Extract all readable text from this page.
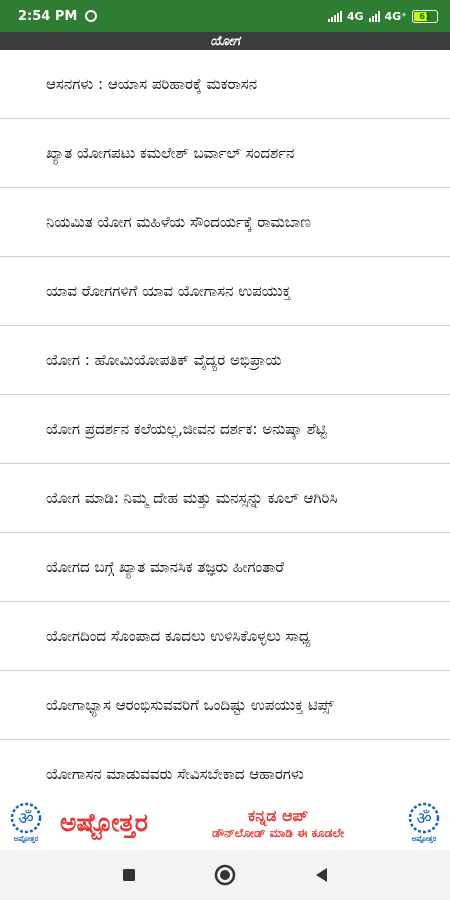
2:54 PM	4G 4G⁺ 61
ಯೋಗ
ಆಸನಗಳು : ಆಯಾಸ ಪರಿಹಾರಕ್ಕೆ ಮಕರಾಸನ
ಖ್ಯಾತ ಯೋಗಪಟು ಕಮಲೇಶ್ ಬರ್ವಾಲ್ ಸಂದರ್ಶನ
ನಿಯಮಿತ ಯೋಗ ಮಹಿಳೆಯ ಸೌಂದರ್ಯಕ್ಕೆ ರಾಮಬಾಣ
ಯಾವ ರೋಗಗಳಿಗೆ ಯಾವ ಯೋಗಾಸನ ಉಪಯುಕ್ತ
ಯೋಗ : ಹೋಮಿಯೋಪತಿಕ್ ವೈದ್ಯರ ಅಭಿಪ್ರಾಯ
ಯೋಗ ಪ್ರದರ್ಶನ ಕಲೆಯಲ್ಲ,ಜೀವನ ದರ್ಶಕ: ಅನುಷ್ಕಾ ಶೆಟ್ಟಿ
ಯೋಗ ಮಾಡಿ: ನಿಮ್ಮ ದೇಹ ಮತ್ತು ಮನಸ್ಸನ್ನು ಕೂಲ್ ಆಗಿರಿಸಿ
ಯೋಗದ ಬಗ್ಗೆ ಖ್ಯಾತ ಮಾನಸಿಕ ತಜ್ಞರು ಹೀಗಂತಾರೆ
ಯೋಗದಿಂದ ಸೊಂಪಾದ ಕೂದಲು ಉಳಿಸಿಕೊಳ್ಳಲು ಸಾಧ್ಯ
ಯೋಗಾಭ್ಯಾಸ ಆರಂಭಿಸುವವರಿಗೆ ಒಂದಿಷ್ಟು ಉಪಯುಕ್ತ ಟಿಪ್ಸ್
ಯೋಗಾಸನ ಮಾಡುವವರು ಸೇವಿಸಬೇಕಾದ ಆಹಾರಗಳು
ॐ
ಅಷ್ಟೋತ್ತರ
ಅಷ್ಟೋತ್ತರ	ಕನ್ನಡ ಆಪ್
ಡೌನ್‌ಲೋಡ್ ಮಾಡಿ ಈ ಕೂಡಲೇ
ॐ
ಅಷ್ಟೋತ್ತರ
